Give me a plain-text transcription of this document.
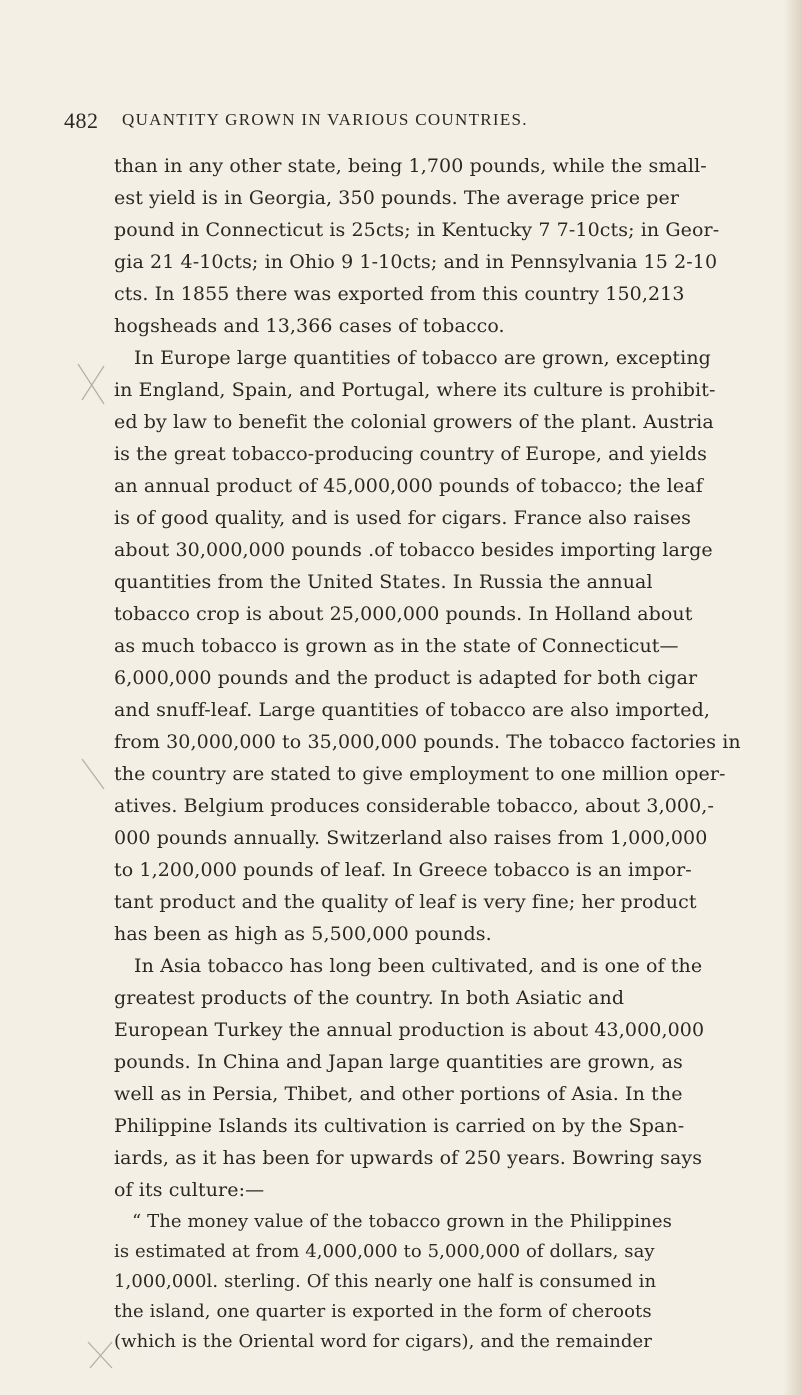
482 QUANTITY GROWN IN VARIOUS COUNTRIES.
than in any other state, being 1,700 pounds, while the small-
est yield is in Georgia, 350 pounds. The average price per
pound in Connecticut is 25cts; in Kentucky 7 7-10cts; in Geor-
gia 21 4-10cts; in Ohio 9 1-10cts; and in Pennsylvania 15 2-10
cts. In 1855 there was exported from this country 150,213
hogsheads and 13,366 cases of tobacco.
In Europe large quantities of tobacco are grown, excepting
in England, Spain, and Portugal, where its culture is prohibit-
ed by law to benefit the colonial growers of the plant. Austria
is the great tobacco-producing country of Europe, and yields
an annual product of 45,000,000 pounds of tobacco; the leaf
is of good quality, and is used for cigars. France also raises
about 30,000,000 pounds .of tobacco besides importing large
quantities from the United States. In Russia the annual
tobacco crop is about 25,000,000 pounds. In Holland about
as much tobacco is grown as in the state of Connecticut—
6,000,000 pounds and the product is adapted for both cigar
and snuff-leaf. Large quantities of tobacco are also imported,
from 30,000,000 to 35,000,000 pounds. The tobacco factories in
the country are stated to give employment to one million oper-
atives. Belgium produces considerable tobacco, about 3,000,-
000 pounds annually. Switzerland also raises from 1,000,000
to 1,200,000 pounds of leaf. In Greece tobacco is an impor-
tant product and the quality of leaf is very fine; her product
has been as high as 5,500,000 pounds.
In Asia tobacco has long been cultivated, and is one of the
greatest products of the country. In both Asiatic and
European Turkey the annual production is about 43,000,000
pounds. In China and Japan large quantities are grown, as
well as in Persia, Thibet, and other portions of Asia. In the
Philippine Islands its cultivation is carried on by the Span-
iards, as it has been for upwards of 250 years. Bowring says
of its culture:—
“ The money value of the tobacco grown in the Philippines
is estimated at from 4,000,000 to 5,000,000 of dollars, say
1,000,000l. sterling. Of this nearly one half is consumed in
the island, one quarter is exported in the form of cheroots
(which is the Oriental word for cigars), and the remainder
